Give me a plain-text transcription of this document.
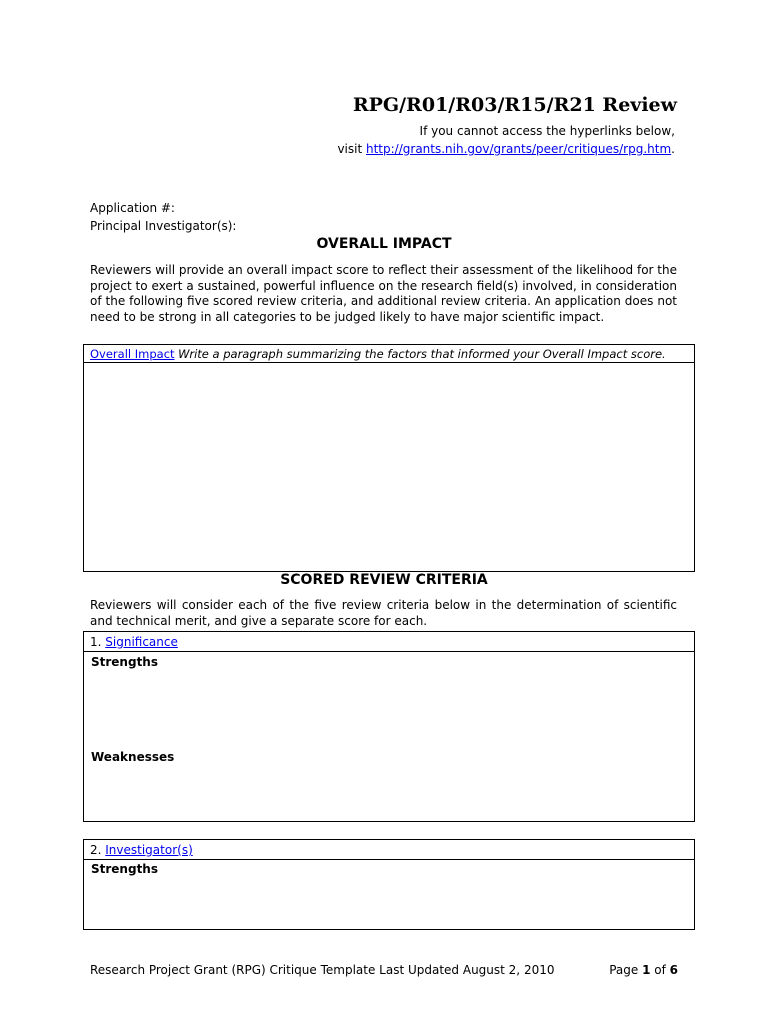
RPG/R01/R03/R15/R21 Review
If you cannot access the hyperlinks below,
visit http://grants.nih.gov/grants/peer/critiques/rpg.htm.
Application #:
Principal Investigator(s):
OVERALL IMPACT
Reviewers will provide an overall impact score to reflect their assessment of the likelihood for the project to exert a sustained, powerful influence on the research field(s) involved, in consideration of the following five scored review criteria, and additional review criteria. An application does not need to be strong in all categories to be judged likely to have major scientific impact.
Overall Impact Write a paragraph summarizing the factors that informed your Overall Impact score.
SCORED REVIEW CRITERIA
Reviewers will consider each of the five review criteria below in the determination of scientific and technical merit, and give a separate score for each.
1. Significance
Strengths
Weaknesses
2. Investigator(s)
Strengths
Research Project Grant (RPG) Critique Template Last Updated August 2, 2010	Page 1 of 6
